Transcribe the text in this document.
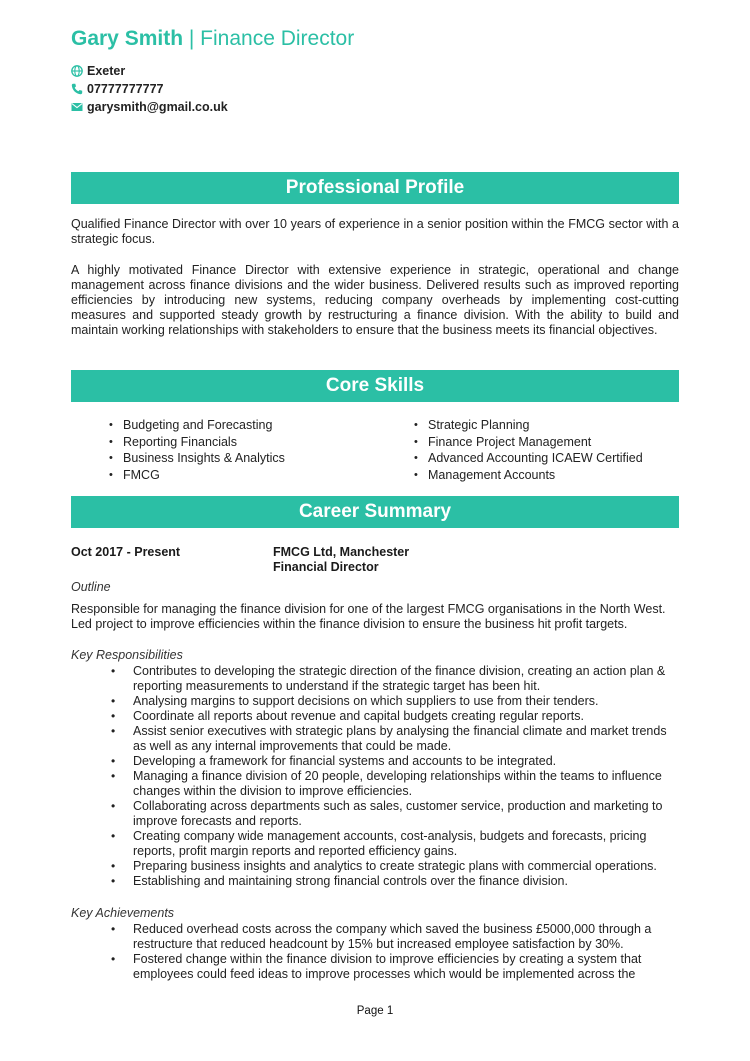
Gary Smith | Finance Director
Exeter
07777777777
garysmith@gmail.co.uk
Professional Profile

Qualified Finance Director with over 10 years of experience in a senior position within the FMCG sector with a strategic focus.

A highly motivated Finance Director with extensive experience in strategic, operational and change management across finance divisions and the wider business. Delivered results such as improved reporting efficiencies by introducing new systems, reducing company overheads by implementing cost-cutting measures and supported steady growth by restructuring a finance division. With the ability to build and maintain working relationships with stakeholders to ensure that the business meets its financial objectives.

Core Skills
• Budgeting and Forecasting	• Strategic Planning
• Reporting Financials	• Finance Project Management
• Business Insights & Analytics	• Advanced Accounting ICAEW Certified
• FMCG	• Management Accounts
Career Summary
Oct 2017 - Present	FMCG Ltd, Manchester
Financial Director
Outline

Responsible for managing the finance division for one of the largest FMCG organisations in the North West. Led project to improve efficiencies within the finance division to ensure the business hit profit targets.

Key Responsibilities
• Contributes to developing the strategic direction of the finance division, creating an action plan & reporting measurements to understand if the strategic target has been hit.
• Analysing margins to support decisions on which suppliers to use from their tenders.
• Coordinate all reports about revenue and capital budgets creating regular reports.
• Assist senior executives with strategic plans by analysing the financial climate and market trends as well as any internal improvements that could be made.
• Developing a framework for financial systems and accounts to be integrated.
• Managing a finance division of 20 people, developing relationships within the teams to influence changes within the division to improve efficiencies.
• Collaborating across departments such as sales, customer service, production and marketing to improve forecasts and reports.
• Creating company wide management accounts, cost-analysis, budgets and forecasts, pricing reports, profit margin reports and reported efficiency gains.
• Preparing business insights and analytics to create strategic plans with commercial operations.
• Establishing and maintaining strong financial controls over the finance division.
Key Achievements
• Reduced overhead costs across the company which saved the business £5000,000 through a restructure that reduced headcount by 15% but increased employee satisfaction by 30%.
• Fostered change within the finance division to improve efficiencies by creating a system that employees could feed ideas to improve processes which would be implemented across the
Page 1
